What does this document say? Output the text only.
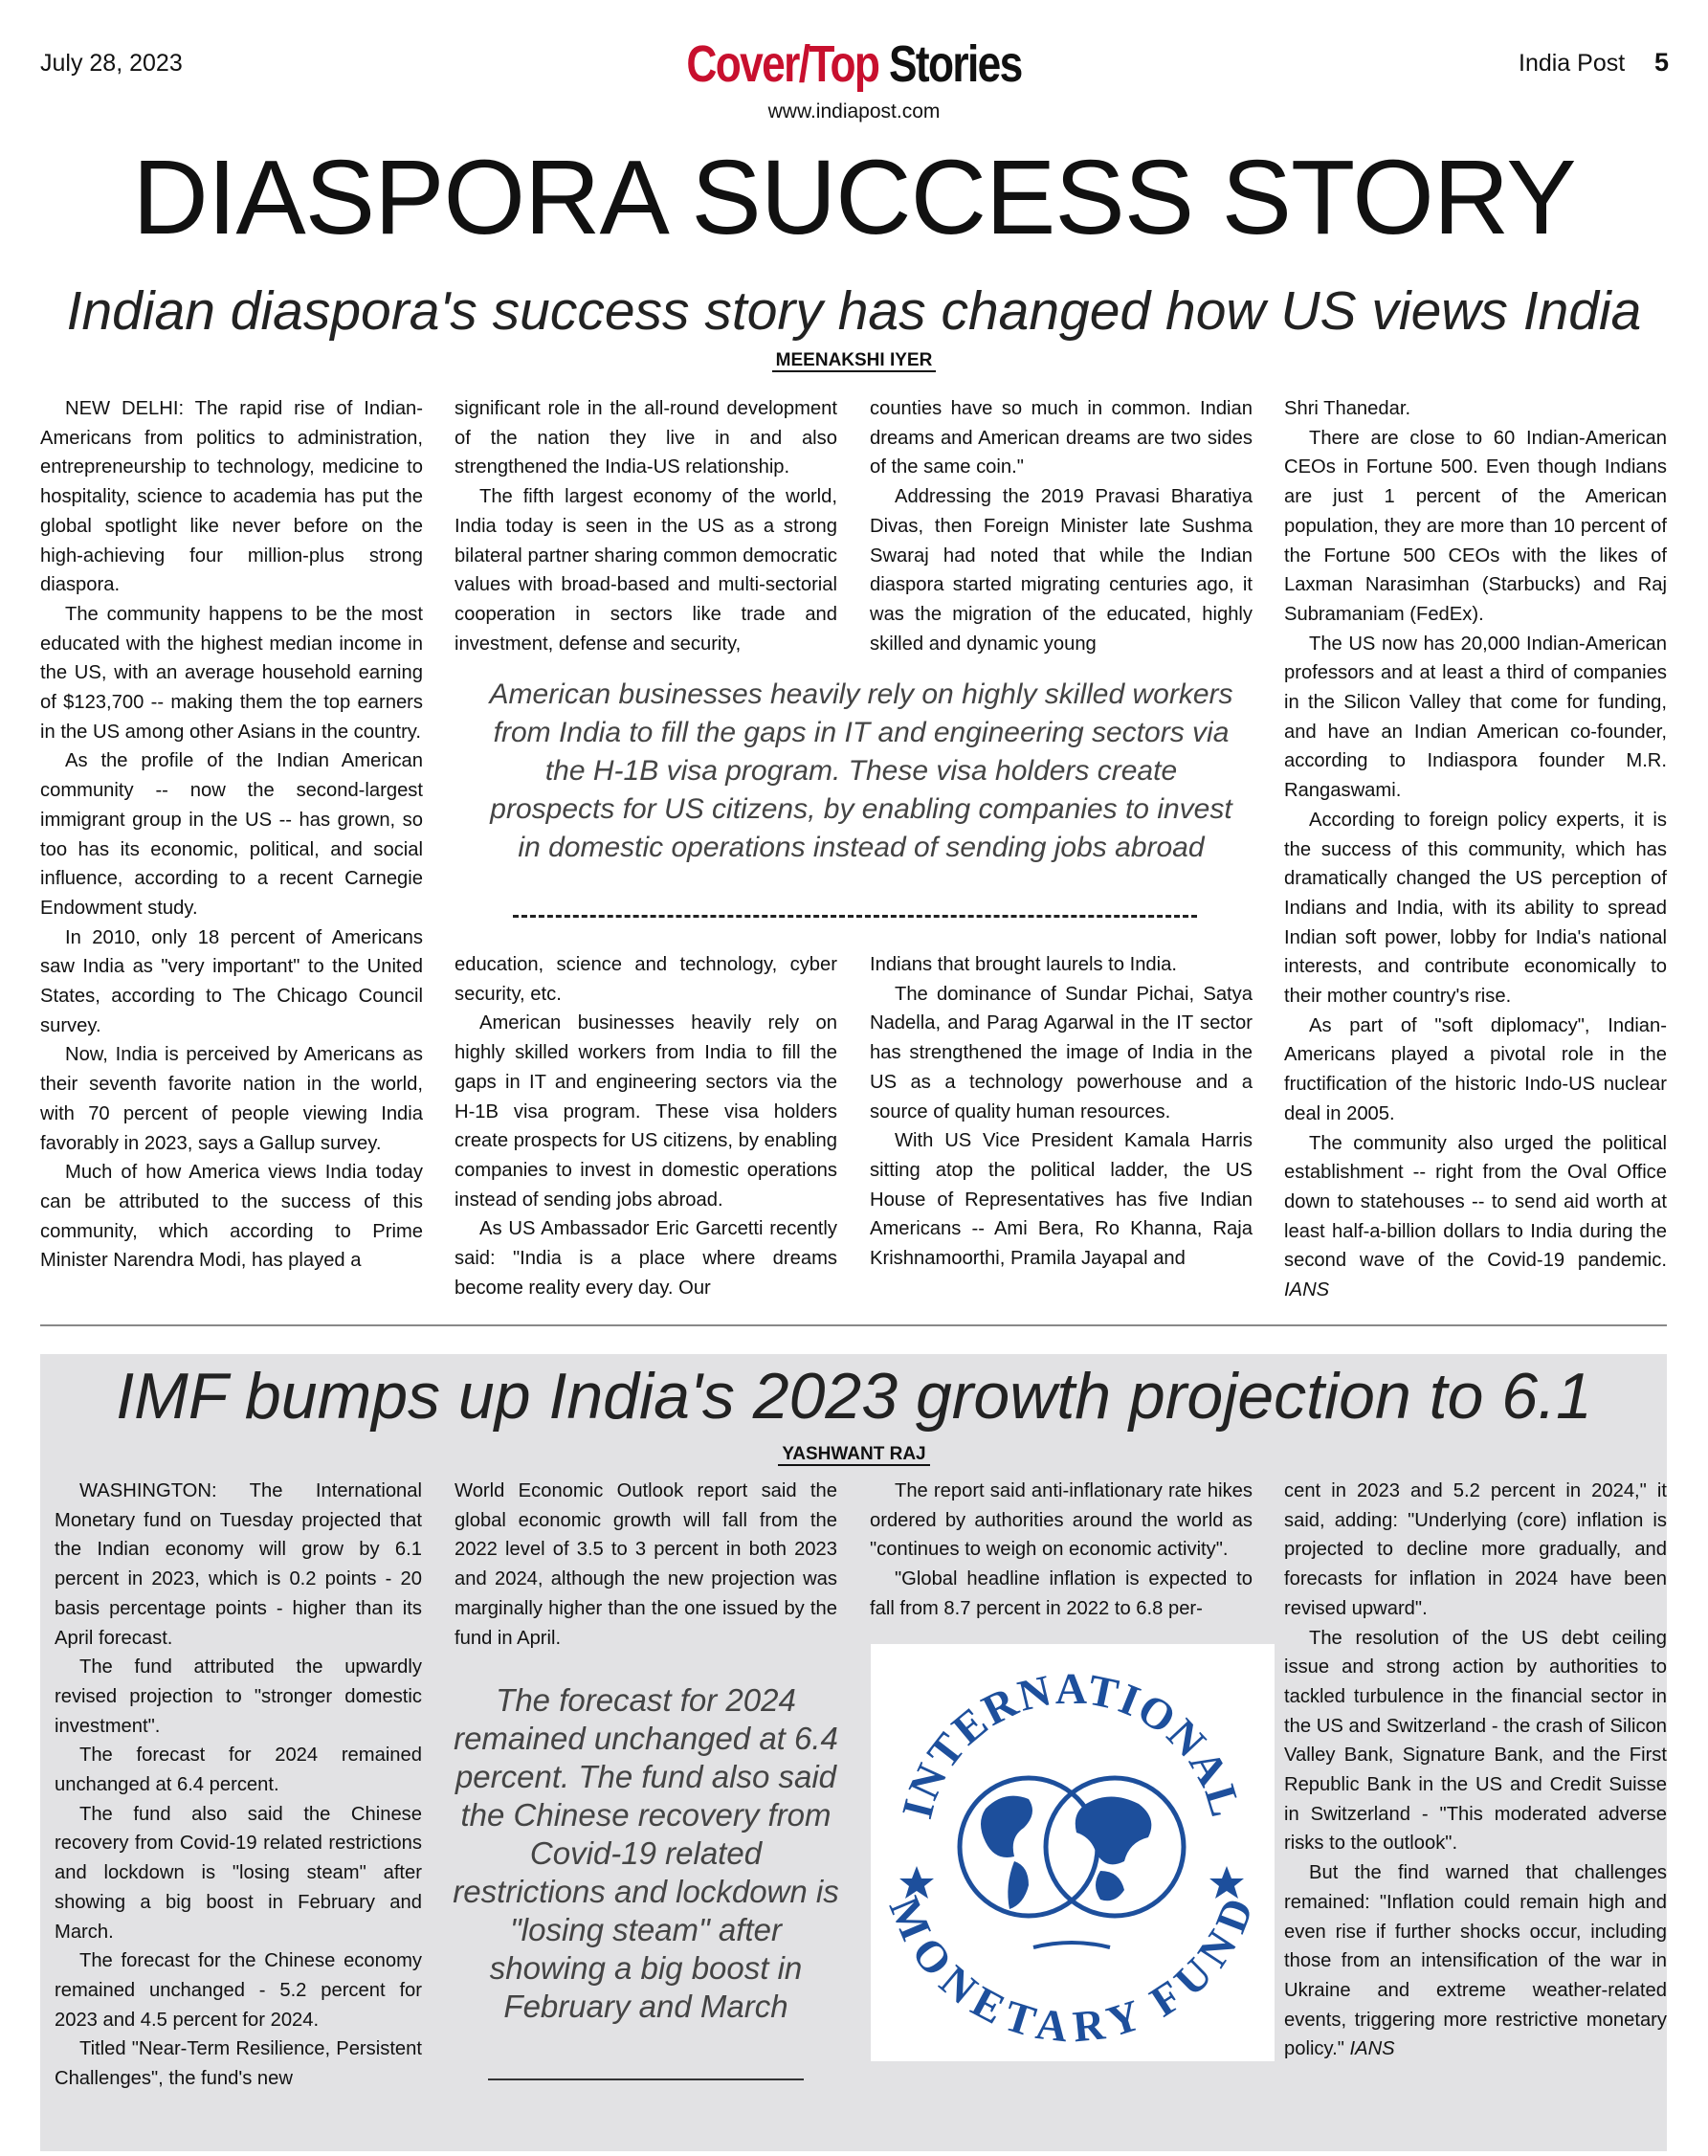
July 28, 2023	Cover/Top Stories
www.indiapost.com
India Post 5
DIASPORA SUCCESS STORY
Indian diaspora's success story has changed how US views India
MEENAKSHI IYER

NEW DELHI: The rapid rise of Indian-Americans from politics to administration, entrepreneurship to technology, medicine to hospitality, science to academia has put the global spotlight like never before on the high-achieving four million-plus strong diaspora.

The community happens to be the most educated with the highest median income in the US, with an average household earning of $123,700 -- making them the top earners in the US among other Asians in the country.

As the profile of the Indian American community -- now the second-largest immigrant group in the US -- has grown, so too has its economic, political, and social influence, according to a recent Carnegie Endowment study.

In 2010, only 18 percent of Americans saw India as "very important" to the United States, according to The Chicago Council survey.

Now, India is perceived by Americans as their seventh favorite nation in the world, with 70 percent of people viewing India favorably in 2023, says a Gallup survey.

Much of how America views India today can be attributed to the success of this community, which according to Prime Minister Narendra Modi, has played a

significant role in the all-round development of the nation they live in and also strengthened the India-US relationship.

The fifth largest economy of the world, India today is seen in the US as a strong bilateral partner sharing common democratic values with broad-based and multi-sectorial cooperation in sectors like trade and investment, defense and security,

counties have so much in common. Indian dreams and American dreams are two sides of the same coin."

Addressing the 2019 Pravasi Bharatiya Divas, then Foreign Minister late Sushma Swaraj had noted that while the Indian diaspora started migrating centuries ago, it was the migration of the educated, highly skilled and dynamic young

American businesses heavily rely on highly skilled workers from India to fill the gaps in IT and engineering sectors via the H-1B visa program. These visa holders create prospects for US citizens, by enabling companies to invest in domestic operations instead of sending jobs abroad

education, science and technology, cyber security, etc.

American businesses heavily rely on highly skilled workers from India to fill the gaps in IT and engineering sectors via the H-1B visa program. These visa holders create prospects for US citizens, by enabling companies to invest in domestic operations instead of sending jobs abroad.

As US Ambassador Eric Garcetti recently said: "India is a place where dreams become reality every day. Our

Indians that brought laurels to India.

The dominance of Sundar Pichai, Satya Nadella, and Parag Agarwal in the IT sector has strengthened the image of India in the US as a technology powerhouse and a source of quality human resources.

With US Vice President Kamala Harris sitting atop the political ladder, the US House of Representatives has five Indian Americans -- Ami Bera, Ro Khanna, Raja Krishnamoorthi, Pramila Jayapal and

Shri Thanedar.

There are close to 60 Indian-American CEOs in Fortune 500. Even though Indians are just 1 percent of the American population, they are more than 10 percent of the Fortune 500 CEOs with the likes of Laxman Narasimhan (Starbucks) and Raj Subramaniam (FedEx).

The US now has 20,000 Indian-American professors and at least a third of companies in the Silicon Valley that come for funding, and have an Indian American co-founder, according to Indiaspora founder M.R. Rangaswami.

According to foreign policy experts, it is the success of this community, which has dramatically changed the US perception of Indians and India, with its ability to spread Indian soft power, lobby for India's national interests, and contribute economically to their mother country's rise.

As part of "soft diplomacy", Indian-Americans played a pivotal role in the fructification of the historic Indo-US nuclear deal in 2005.

The community also urged the political establishment -- right from the Oval Office down to statehouses -- to send aid worth at least half-a-billion dollars to India during the second wave of the Covid-19 pandemic. IANS

IMF bumps up India's 2023 growth projection to 6.1
YASHWANT RAJ

WASHINGTON: The International Monetary fund on Tuesday projected that the Indian economy will grow by 6.1 percent in 2023, which is 0.2 points - 20 basis percentage points - higher than its April forecast.

The fund attributed the upwardly revised projection to "stronger domestic investment".

The forecast for 2024 remained unchanged at 6.4 percent.

The fund also said the Chinese recovery from Covid-19 related restrictions and lockdown is "losing steam" after showing a big boost in February and March.

The forecast for the Chinese economy remained unchanged - 5.2 percent for 2023 and 4.5 percent for 2024.

Titled "Near-Term Resilience, Persistent Challenges", the fund's new

World Economic Outlook report said the global economic growth will fall from the 2022 level of 3.5 to 3 percent in both 2023 and 2024, although the new projection was marginally higher than the one issued by the fund in April.

The forecast for 2024 remained unchanged at 6.4 percent. The fund also said the Chinese recovery from Covid-19 related restrictions and lockdown is "losing steam" after showing a big boost in February and March

The report said anti-inflationary rate hikes ordered by authorities around the world as "continues to weigh on economic activity".

"Global headline inflation is expected to fall from 8.7 percent in 2022 to 6.8 per-

INTERNATIONAL
MONETARY FUND

cent in 2023 and 5.2 percent in 2024," it said, adding: "Underlying (core) inflation is projected to decline more gradually, and forecasts for inflation in 2024 have been revised upward".

The resolution of the US debt ceiling issue and strong action by authorities to tackled turbulence in the financial sector in the US and Switzerland - the crash of Silicon Valley Bank, Signature Bank, and the First Republic Bank in the US and Credit Suisse in Switzerland - "This moderated adverse risks to the outlook".

But the find warned that challenges remained: "Inflation could remain high and even rise if further shocks occur, including those from an intensification of the war in Ukraine and extreme weather-related events, triggering more restrictive monetary policy." IANS
